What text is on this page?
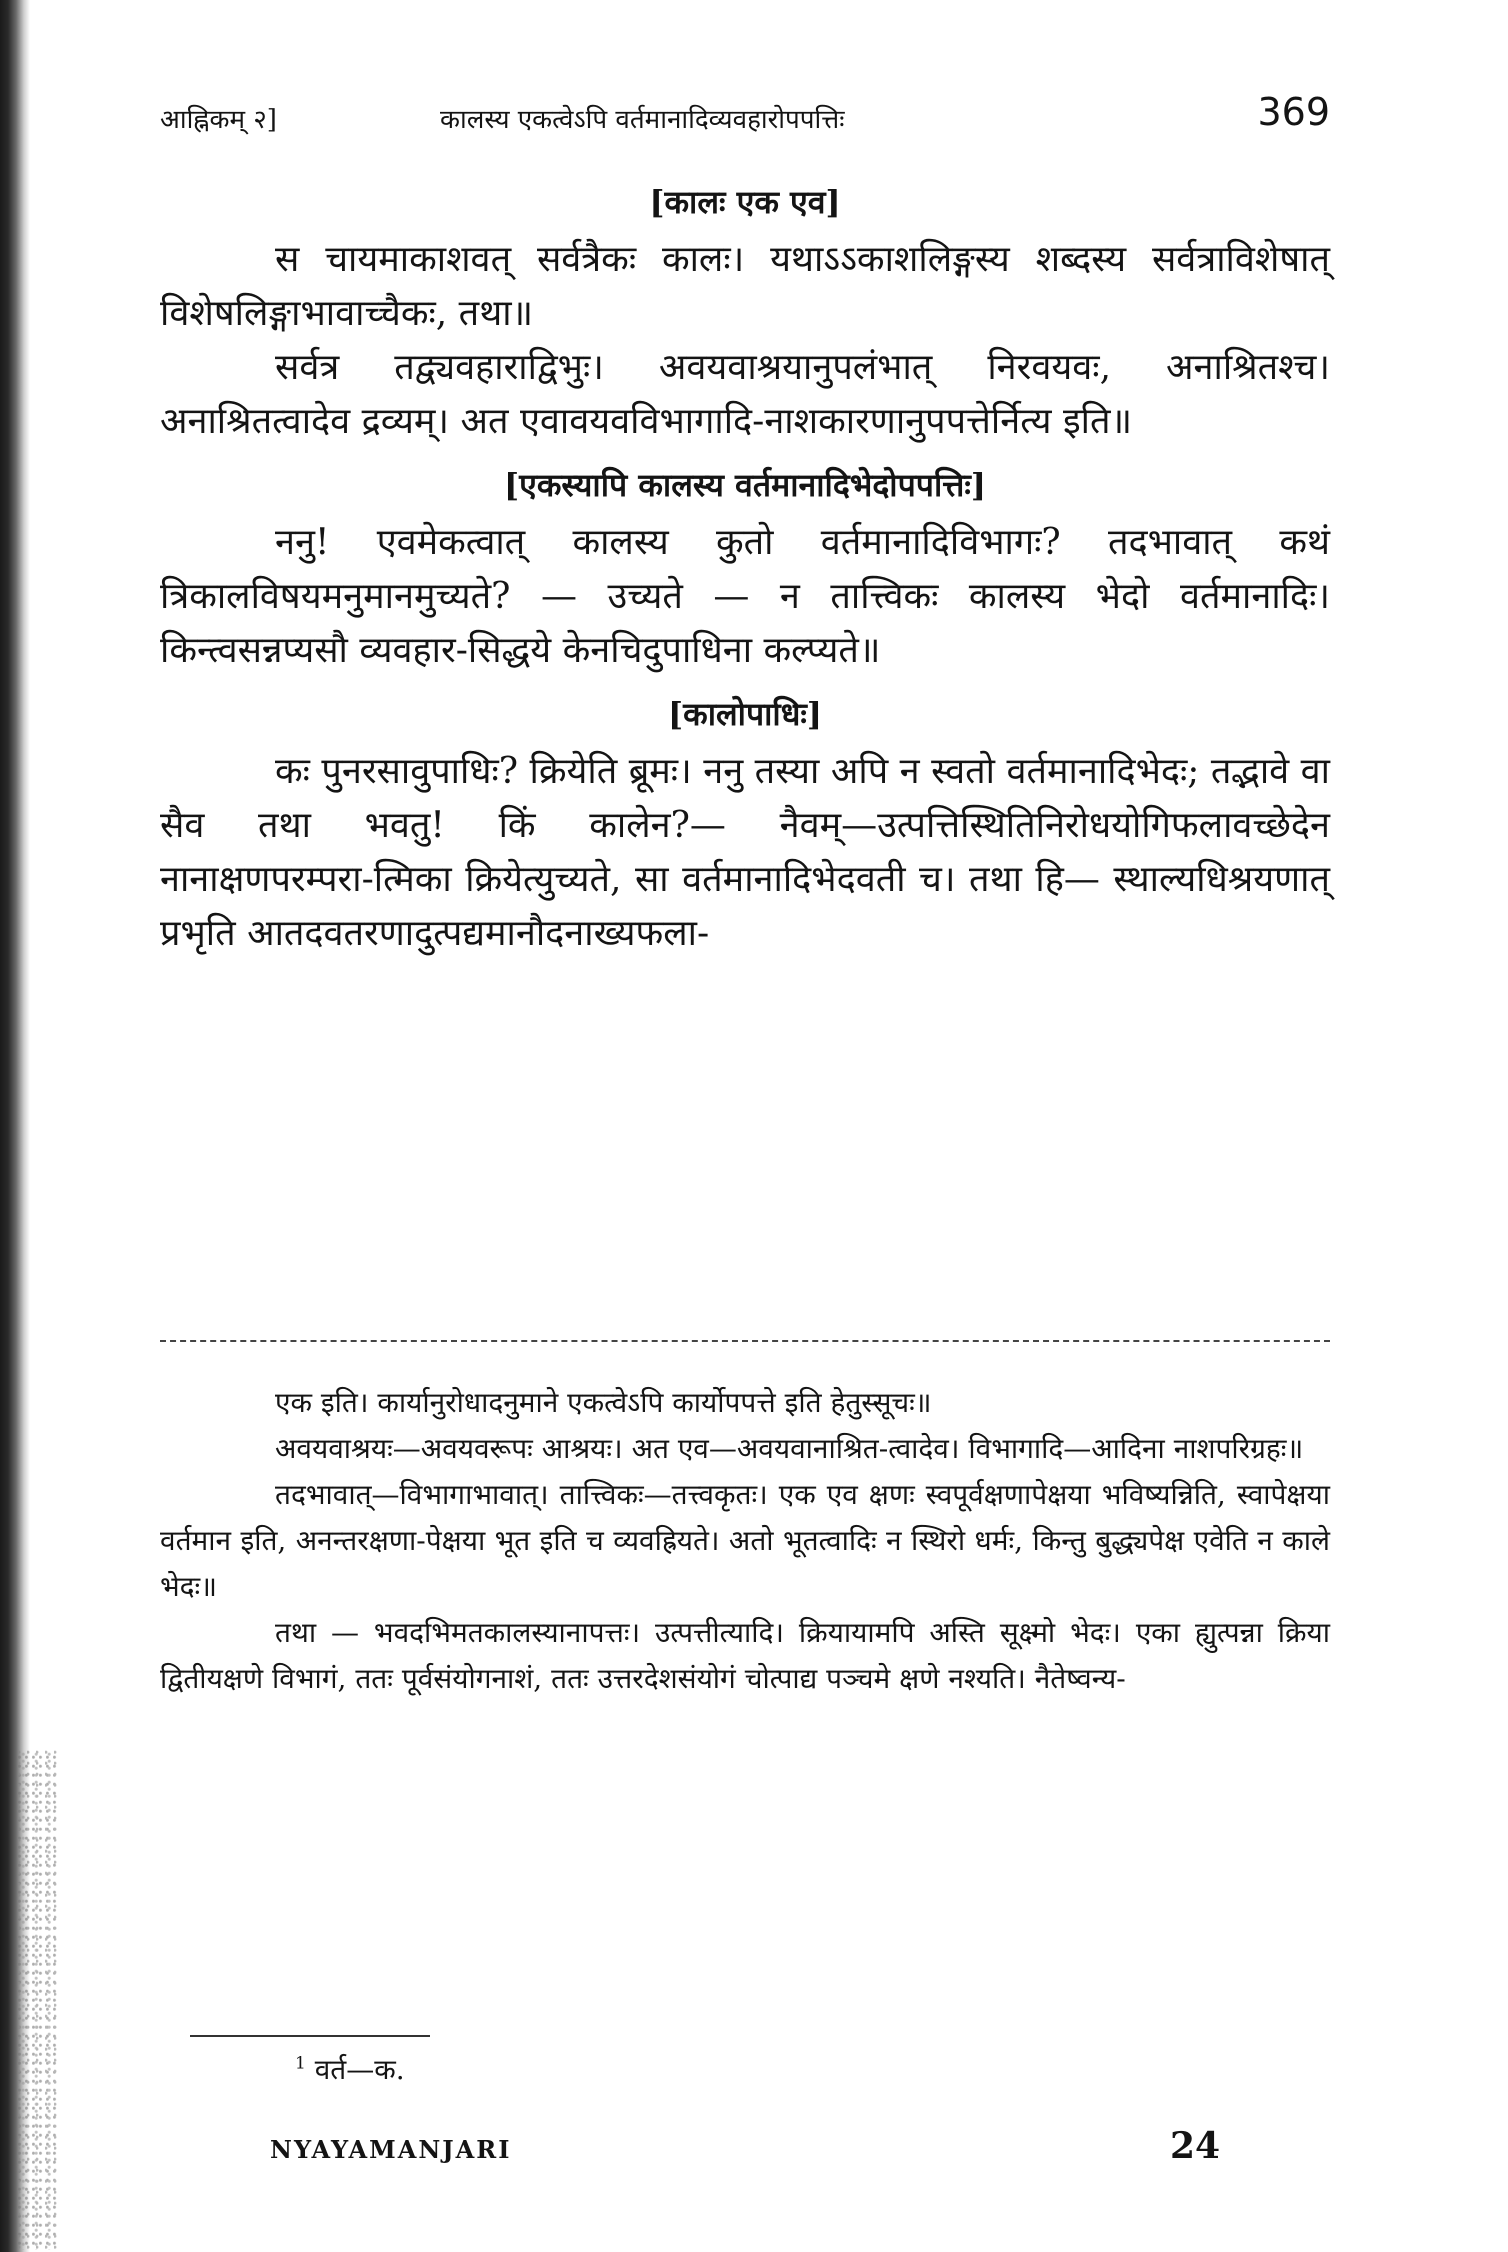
आह्निकम् २]	कालस्य एकत्वेऽपि वर्तमानादिव्यवहारोपपत्तिः	369

[कालः एक एव]

स चायमाकाशवत् सर्वत्रैकः कालः। यथाऽऽकाशलिङ्गस्य शब्दस्य सर्वत्राविशेषात् विशेषलिङ्गाभावाच्चैकः, तथा॥

सर्वत्र तद्व्यवहाराद्विभुः। अवयवाश्रयानुपलंभात् निरवयवः, अनाश्रितश्च। अनाश्रितत्वादेव द्रव्यम्। अत एवावयवविभागादि-नाशकारणानुपपत्तेर्नित्य इति॥

[एकस्यापि कालस्य वर्तमानादिभेदोपपत्तिः]

ननु! एवमेकत्वात् कालस्य कुतो वर्तमानादिविभागः? तदभावात् कथं त्रिकालविषयमनुमानमुच्यते? — उच्यते — न तात्त्विकः कालस्य भेदो वर्तमानादिः। किन्त्वसन्नप्यसौ व्यवहार-सिद्धये केनचिदुपाधिना कल्प्यते॥

[कालोपाधिः]

कः पुनरसावुपाधिः? क्रियेति ब्रूमः। ननु तस्या अपि न स्वतो वर्तमानादिभेदः; तद्भावे वा सैव तथा भवतु! किं कालेन?— नैवम्—उत्पत्तिस्थितिनिरोधयोगिफलावच्छेदेन नानाक्षणपरम्परा-त्मिका क्रियेत्युच्यते, सा वर्तमानादिभेदवती च। तथा हि— स्थाल्यधिश्रयणात् प्रभृति आतदवतरणादुत्पद्यमानौदनाख्यफला-

एक इति। कार्यानुरोधादनुमाने एकत्वेऽपि कार्योपपत्ते इति हेतुस्सूचः॥

अवयवाश्रयः—अवयवरूपः आश्रयः। अत एव—अवयवानाश्रित-त्वादेव। विभागादि—आदिना नाशपरिग्रहः॥

तदभावात्—विभागाभावात्। तात्त्विकः—तत्त्वकृतः। एक एव क्षणः स्वपूर्वक्षणापेक्षया भविष्यन्निति, स्वापेक्षया वर्तमान इति, अनन्तरक्षणा-पेक्षया भूत इति च व्यवह्रियते। अतो भूतत्वादिः न स्थिरो धर्मः, किन्तु बुद्ध्यपेक्ष एवेति न काले भेदः॥

तथा — भवदभिमतकालस्यानापत्तः। उत्पत्तीत्यादि। क्रियायामपि अस्ति सूक्ष्मो भेदः। एका ह्युत्पन्ना क्रिया द्वितीयक्षणे विभागं, ततः पूर्वसंयोगनाशं, ततः उत्तरदेशसंयोगं चोत्पाद्य पञ्चमे क्षणे नश्यति। नैतेष्वन्य-

$^1$ वर्त—क.
NYAYAMANJARI	24
